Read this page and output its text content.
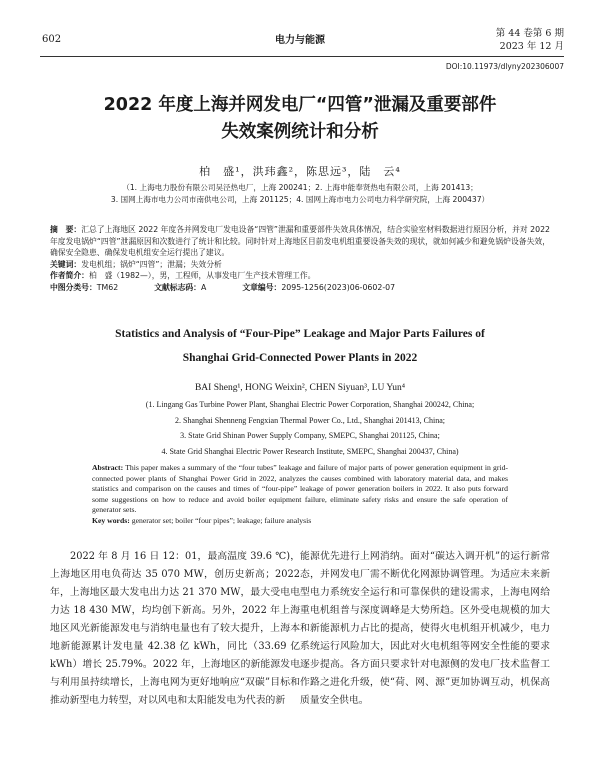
602	电力与能源
第 44 卷第 6 期
2023 年 12 月
DOI:10.11973/dlyny202306007
2022 年度上海并网发电厂“四管”泄漏及重要部件
失效案例统计和分析
柏　盛¹，洪玮鑫²，陈思远³，陆　云⁴
（1. 上海电力股份有限公司吴泾热电厂，上海 200241；2. 上海申能奉贤热电有限公司，上海 201413；
3. 国网上海市电力公司市南供电公司，上海 201125；4. 国网上海市电力公司电力科学研究院，上海 200437）

摘　要：汇总了上海地区 2022 年度各并网发电厂发电设备“四管”泄漏和重要部件失效具体情况，结合实验室材料数据进行原因分析，并对 2022 年度发电锅炉“四管”泄漏原因和次数进行了统计和比较。同时针对上海地区目前发电机组重要设备失效的现状，就如何减少和避免锅炉设备失效，确保安全隐患、确保发电机组安全运行提出了建议。

关键词：发电机组；锅炉“四管”；泄漏；失效分析

作者简介：柏　盛（1982—），男，工程师，从事发电厂生产技术管理工作。

中图分类号：TM62	文献标志码：A	文章编号：2095-1256(2023)06-0602-07

Statistics and Analysis of “Four-Pipe” Leakage and Major Parts Failures of
Shanghai Grid-Connected Power Plants in 2022
BAI Sheng¹, HONG Weixin², CHEN Siyuan³, LU Yun⁴
(1. Lingang Gas Turbine Power Plant, Shanghai Electric Power Corporation, Shanghai 200242, China;
2. Shanghai Shenneng Fengxian Thermal Power Co., Ltd., Shanghai 201413, China;
3. State Grid Shinan Power Supply Company, SMEPC, Shanghai 201125, China;
4. State Grid Shanghai Electric Power Research Institute, SMEPC, Shanghai 200437, China)

Abstract: This paper makes a summary of the “four tubes” leakage and failure of major parts of power generation equipment in grid-connected power plants of Shanghai Power Grid in 2022, analyzes the causes combined with laboratory material data, and makes statistics and comparison on the causes and times of “four-pipe” leakage of power generation boilers in 2022. It also puts forward some suggestions on how to reduce and avoid boiler equipment failure, eliminate safety risks and ensure the safe operation of generator sets.

Key words: generator set; boiler “four pipes”; leakage; failure analysis

2022 年 8 月 16 日 12：01，最高温度 39.6 ℃)，上海地区用电负荷达 35 070 MW，创历史新高；2022 年，上海地区最大发电出力达 21 370 MW，最大受电电力达 18 430 MW，均均创下新高。另外，2022 年上海地区风光新能源发电与消纳电量也有了较大提升，上海本地新能源累计发电量 42.38 亿 kWh，同比（33.69 亿 kWh）增长 25.79%。2022 年，上海地区的新能源发电与利用虽持续增长，上海电网为更好地响应“双碳”目标和推动新型电力转型，对以风电和太阳能发电为代表的新

能源优先进行上网消纳。面对“碳达入调开机”的运行新常态，并网发电厂需不断优化网源协调管理。为适应未来新型电力系统安全运行和可靠保供的建设需求，上海电网给重电机组普与深度调峰是大势所趋。区外受电规模的加大和新能源机力占比的提高，使得火电机组开机减少，电力系统运行风险加大，因此对火电机组等网安全性能的要求逐步提高。各方面只要求针对电源侧的发电厂技术监督工作路之进化升级，使“荷、网、源”更加协调互动，机保高质量安全供电。
